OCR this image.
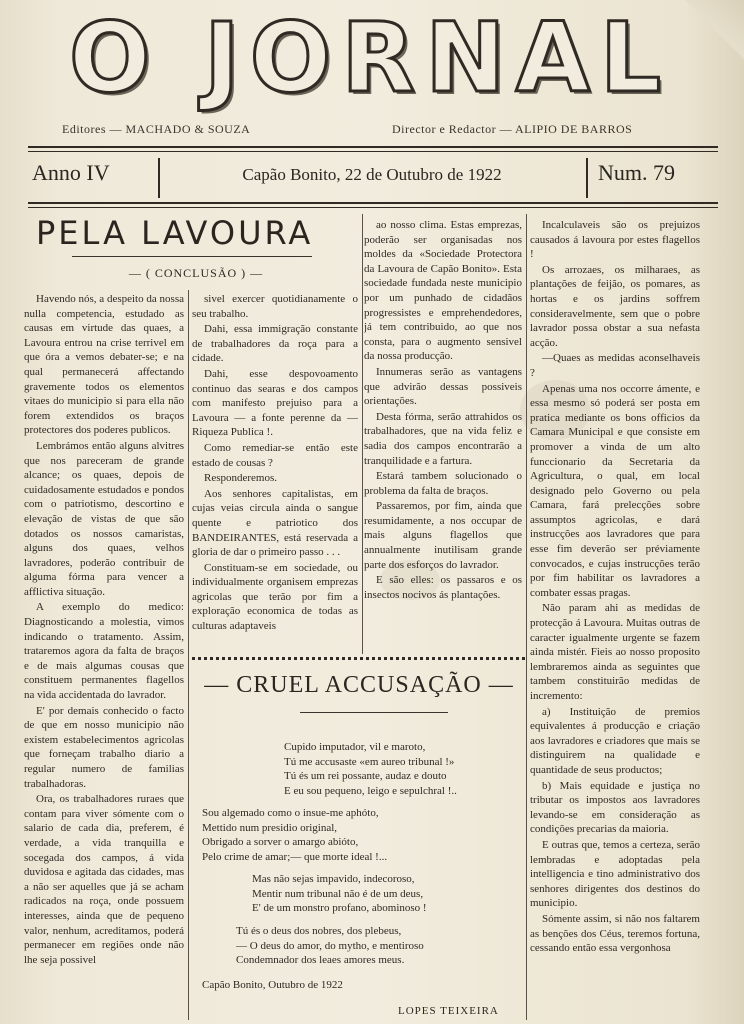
O JORNAL
Editores — MACHADO & SOUZA	Director e Redactor — ALIPIO DE BARROS
Anno IV	Capão Bonito, 22 de Outubro de 1922	Num. 79
PELA LAVOURA
— ( CONCLUSÃO ) —

Havendo nós, a despeito da nossa nulla competencia, estudado as causas em virtude das quaes, a Lavoura entrou na crise terrivel em que óra a vemos debater-se; e na qual permanecerá affectando gravemente todos os elementos vitaes do municipio si para ella não forem extendidos os braços protectores dos poderes publicos.

Lembrámos então alguns alvitres que nos pareceram de grande alcance; os quaes, depois de cuidadosamente estudados e pondos com o patriotismo, descortino e elevação de vistas de que são dotados os nossos camaristas, alguns dos quaes, velhos lavradores, poderão contribuir de alguma fórma para vencer a afflictiva situação.

A exemplo do medico: Diagnosticando a molestia, vimos indicando o tratamento. Assim, trataremos agora da falta de braços e de mais algumas cousas que constituem permanentes flagellos na vida accidentada do lavrador.

E' por demais conhecido o facto de que em nosso municipio não existem estabelecimentos agricolas que forneçam trabalho diario a regular numero de familias trabalhadoras.

Ora, os trabalhadores ruraes que contam para viver sómente com o salario de cada dia, preferem, é verdade, a vida tranquilla e socegada dos campos, á vida duvidosa e agitada das cidades, mas a não ser aquelles que já se acham radicados na roça, onde possuem interesses, ainda que de pequeno valor, nenhum, acreditamos, poderá permanecer em regiões onde não lhe seja possivel

sivel exercer quotidianamente o seu trabalho.

Dahi, essa immigração constante de trabalhadores da roça para a cidade.

Dahi, esse despovoamento continuo das searas e dos campos com manifesto prejuiso para a Lavoura — a fonte perenne da — Riqueza Publica !.

Como remediar-se então este estado de cousas ?

Responderemos.

Aos senhores capitalistas, em cujas veias circula ainda o sangue quente e patriotico dos BANDEIRANTES, está reservada a gloria de dar o primeiro passo . . .

Constituam-se em sociedade, ou individualmente organisem emprezas agricolas que terão por fim a exploração economica de todas as culturas adaptaveis

ao nosso clima. Estas emprezas, poderão ser organisadas nos moldes da «Sociedade Protectora da Lavoura de Capão Bonito». Esta sociedade fundada neste municipio por um punhado de cidadãos progressistes e emprehendedores, já tem contribuido, ao que nos consta, para o augmento sensivel da nossa producção.

Innumeras serão as vantagens que advirão dessas possiveis orientações.

Desta fórma, serão attrahidos os trabalhadores, que na vida feliz e sadia dos campos encontrarão a tranquilidade e a fartura.

Estará tambem solucionado o problema da falta de braços.

Passaremos, por fim, ainda que resumidamente, a nos occupar de mais alguns flagellos que annualmente inutilisam grande parte dos esforços do lavrador.

E são elles: os passaros e os insectos nocivos ás plantações.

Incalculaveis são os prejuizos causados á lavoura por estes flagellos !

Os arrozaes, os milharaes, as plantações de feijão, os pomares, as hortas e os jardins soffrem consideravelmente, sem que o pobre lavrador possa obstar a sua nefasta acção.

—Quaes as medidas aconselhaveis ?

Apenas uma nos occorre ámente, e essa mesmo só poderá ser posta em pratica mediante os bons officios da Camara Municipal e que consiste em promover a vinda de um alto funccionario da Secretaria da Agricultura, o qual, em local designado pelo Governo ou pela Camara, fará prelecções sobre assumptos agricolas, e dará instrucções aos lavradores que para esse fim deverão ser préviamente convocados, e cujas instrucções terão por fim habilitar os lavradores a combater essas pragas.

Não param ahi as medidas de protecção á Lavoura. Muitas outras de caracter igualmente urgente se fazem ainda mistér. Fieis ao nosso proposito lembraremos ainda as seguintes que tambem constituirão medidas de incremento:

a) Instituição de premios equivalentes á producção e criação aos lavradores e criadores que mais se distinguirem na qualidade e quantidade de seus productos;

b) Mais equidade e justiça no tributar os impostos aos lavradores levando-se em consideração as condições precarias da maioria.

E outras que, temos a certeza, serão lembradas e adoptadas pela intelligencia e tino administrativo dos senhores dirigentes dos destinos do municipio.

Sómente assim, si não nos faltarem as benções dos Céus, teremos fortuna, cessando então essa vergonhosa

— CRUEL ACCUSAÇÃO —
Cupido imputador, vil e maroto,
Tú me accusaste «em aureo tribunal !»
Tú és um rei possante, audaz e douto
E eu sou pequeno, leigo e sepulchral !..
Sou algemado como o insue-me aphóto,
Mettido num presidio original,
Obrigado a sorver o amargo abióto,
Pelo crime de amar;— que morte ideal !...
Mas não sejas impavido, indecoroso,
Mentir num tribunal não é de um deus,
E' de um monstro profano, abominoso !
Tú és o deus dos nobres, dos plebeus,
— O deus do amor, do mytho, e mentiroso
Condemnador dos leaes amores meus.
Capão Bonito, Outubro de 1922
LOPES TEIXEIRA
